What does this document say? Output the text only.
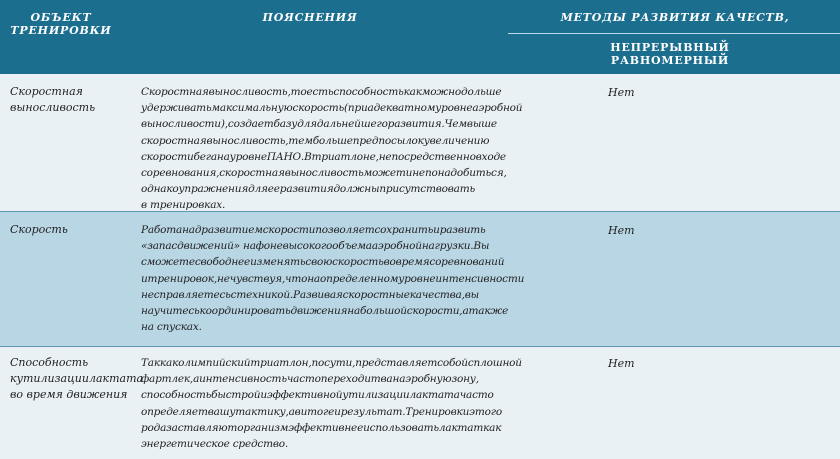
ОБЪЕКТ
ТРЕНИРОВКИ
ПОЯСНЕНИЯ	МЕТОДЫ РАЗВИТИЯ КАЧЕСТВ,
НЕПРЕРЫВНЫЙ
РАВНОМЕРНЫЙ
Скоростная
выносливость
Скоростнаявыносливость,тоестьспособностькакможнодольше
удерживатьмаксимальнуюскорость(приадекватномуровнеаэробной
выносливости),создаетбазудлядальнейшегоразвития.Чемвыше
скоростнаявыносливость,тембольшепредпосылокувеличению
скоростибеганауровнеПАНО.Втриатлоне,непосредственновходе
соревнования,скоростнаявыносливостьможетинепонадобиться,
однакоупражнениядляееразвитиядолжныприсутствовать
в тренировках.
Нет
Скорость	Работанадразвитиемскоростипозволяетсохранитьиразвить
«запасдвижений» нафоневысокогообъемааэробнойнагрузки.Вы
сможетесвободнееизменятьсвоюскоростьвовремясоревнований
итренировок,нечувствуя,чтонаопределенномуровнеинтенсивности
несправляетесьстехникой.Развиваяскоростныекачества,вы
научитеськоординироватьдвижениянабольшойскорости,атакже
на спусках.
Нет
Способность
кутилизациилактата
во время движения
Таккаколимпийскийтриатлон,посути,представляетсобойсплошной
фартлек,аинтенсивностьчастопереходитванаэробнуюзону,
способностьбыстройиэффективнойутилизациилактатачасто
определяетвашутактику,авитогеирезультат.Тренировкиэтого
родазаставляюторганизмэффективнееиспользоватьлактаткак
энергетическое средство.
Нет
